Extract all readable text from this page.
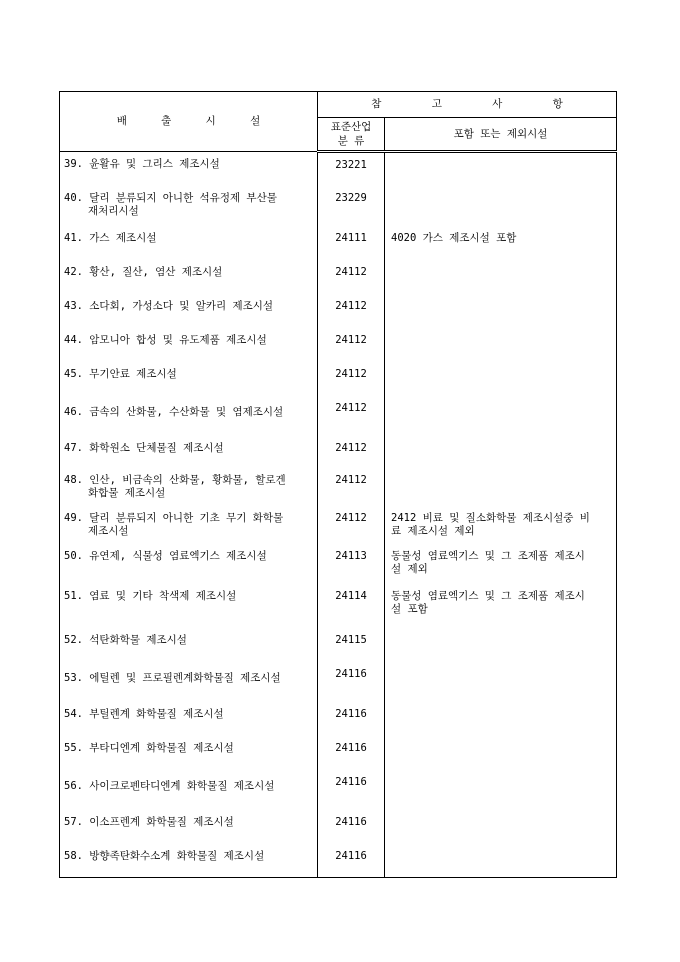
배 출 시 설	참 고 사 항	

	표준산업
분 류	포함 또는 제외시설

39. 윤활유 및 그리스 제조시설	23221	

40. 달리 분류되지 아니한 석유정제 부산물
재처리시설	23229	

41. 가스 제조시설	24111	4020 가스 제조시설 포함

42. 황산, 질산, 염산 제조시설	24112	

43. 소다회, 가성소다 및 알카리 제조시설	24112	

44. 암모니아 합성 및 유도제품 제조시설	24112	

45. 무기안료 제조시설	24112	

46. 금속의 산화물, 수산화물 및 염제조시설	24112	

47. 화학원소 단체물질 제조시설	24112	

48. 인산, 비금속의 산화물, 황화물, 할로겐
화합물 제조시설	24112	

49. 달리 분류되지 아니한 기초 무기 화학물
제조시설	24112	2412 비료 및 질소화학물 제조시설중 비
료 제조시설 제외

50. 유연제, 식물성 염료엑기스 제조시설	24113	동물성 염료엑기스 및 그 조제품 제조시
설 제외

51. 염료 및 기타 착색제 제조시설	24114	동물성 염료엑기스 및 그 조제품 제조시
설 포함

52. 석탄화학물 제조시설	24115	

53. 에틸렌 및 프로필렌계화학물질 제조시설	24116	

54. 부틸렌계 화학물질 제조시설	24116	

55. 부타디엔계 화학물질 제조시설	24116	

56. 사이크로펜타디엔계 화학물질 제조시설	24116	

57. 이소프렌계 화학물질 제조시설	24116	

58. 방향족탄화수소계 화학물질 제조시설	24116	
